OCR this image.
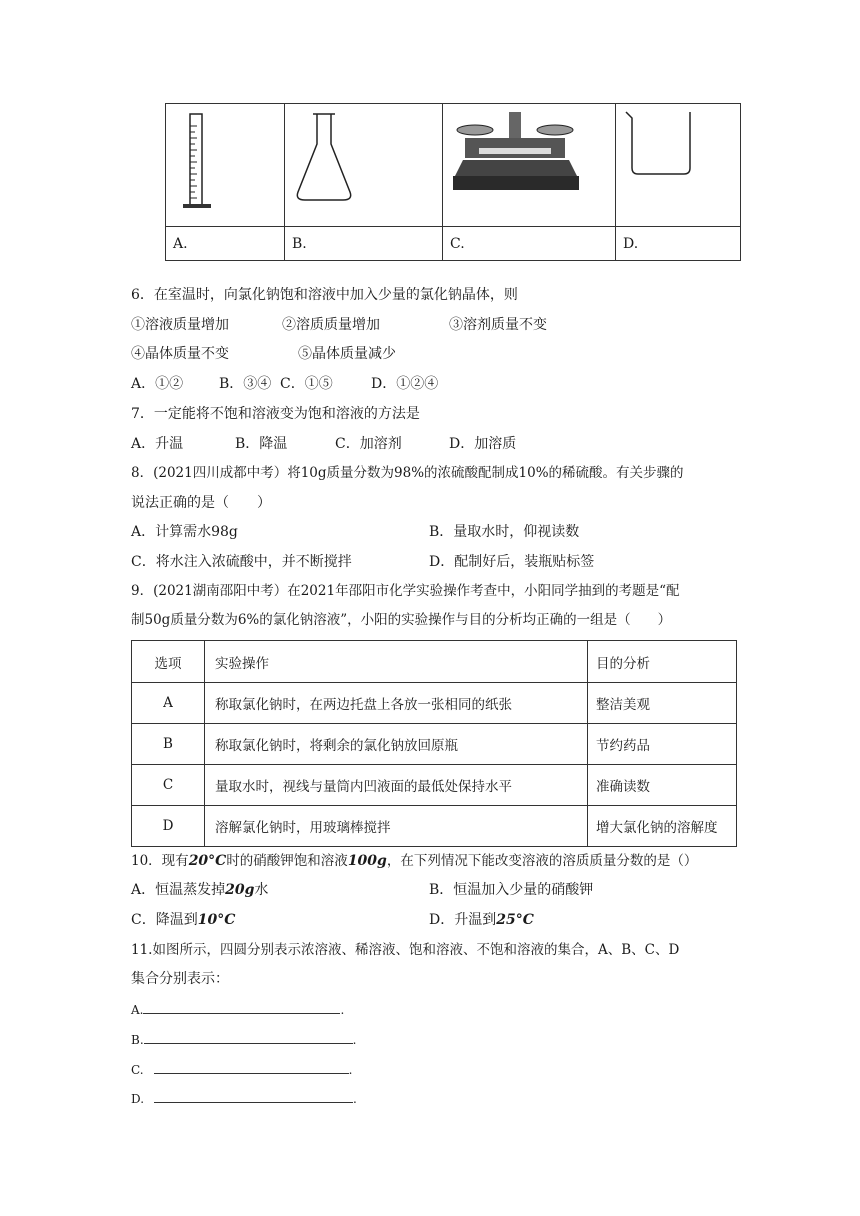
A.	B.	C.	D.
6．在室温时，向氯化钠饱和溶液中加入少量的氯化钠晶体，则
①溶液质量增加	②溶质质量增加	③溶剂质量不变
④晶体质量不变	⑤晶体质量减少
A．①②	B．③④ C．①⑤	D．①②④
7．一定能将不饱和溶液变为饱和溶液的方法是
A．升温	B．降温	C．加溶剂	D．加溶质
8．(2021四川成都中考）将10g质量分数为98%的浓硫酸配制成10%的稀硫酸。有关步骤的
说法正确的是（　　）
A．计算需水98g	B．量取水时，仰视读数
C．将水注入浓硫酸中，并不断搅拌	D．配制好后，装瓶贴标签
9．(2021湖南邵阳中考）在2021年邵阳市化学实验操作考查中，小阳同学抽到的考题是“配
制50g质量分数为6%的氯化钠溶液”，小阳的实验操作与目的分析均正确的一组是（　　）
选项	实验操作	目的分析
A	称取氯化钠时，在两边托盘上各放一张相同的纸张	整洁美观
B	称取氯化钠时，将剩余的氯化钠放回原瓶	节约药品
C	量取水时，视线与量筒内凹液面的最低处保持水平	准确读数
D	溶解氯化钠时，用玻璃棒搅拌	增大氯化钠的溶解度
10．现有20°C时的硝酸钾饱和溶液100g，在下列情况下能改变溶液的溶质质量分数的是（）
A．恒温蒸发掉20g水	B．恒温加入少量的硝酸钾
C．降温到10°C	D．升温到25°C
11.如图所示，四圆分别表示浓溶液、稀溶液、饱和溶液、不饱和溶液的集合，A、B、C、D
集合分别表示：
A.	.
B.	.
C.	.
D.	.
